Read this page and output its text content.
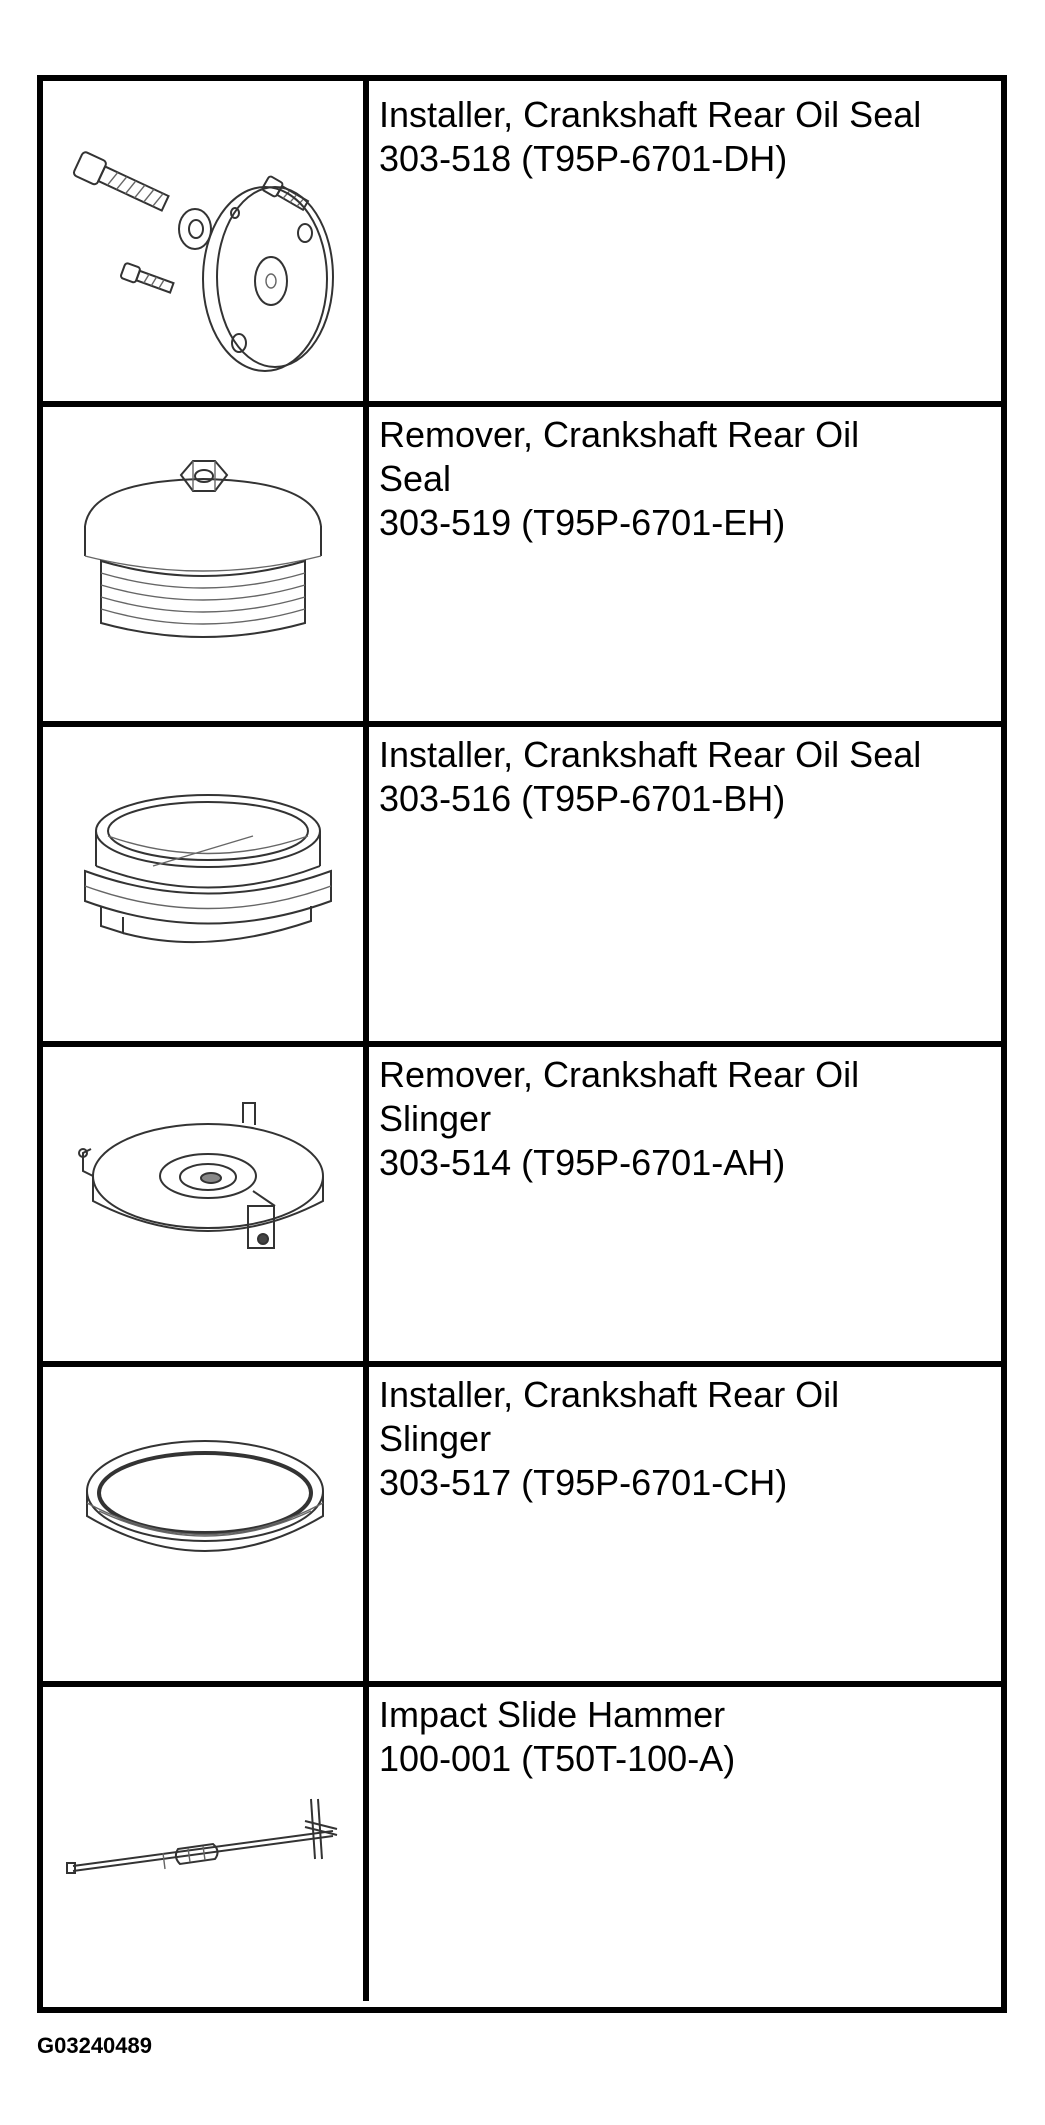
Installer, Crankshaft Rear Oil Seal
303-518 (T95P-6701-DH)
Remover, Crankshaft Rear Oil
Seal
303-519 (T95P-6701-EH)
Installer, Crankshaft Rear Oil Seal
303-516 (T95P-6701-BH)
Remover, Crankshaft Rear Oil
Slinger
303-514 (T95P-6701-AH)
Installer, Crankshaft Rear Oil
Slinger
303-517 (T95P-6701-CH)
Impact Slide Hammer
100-001 (T50T-100-A)
G03240489
